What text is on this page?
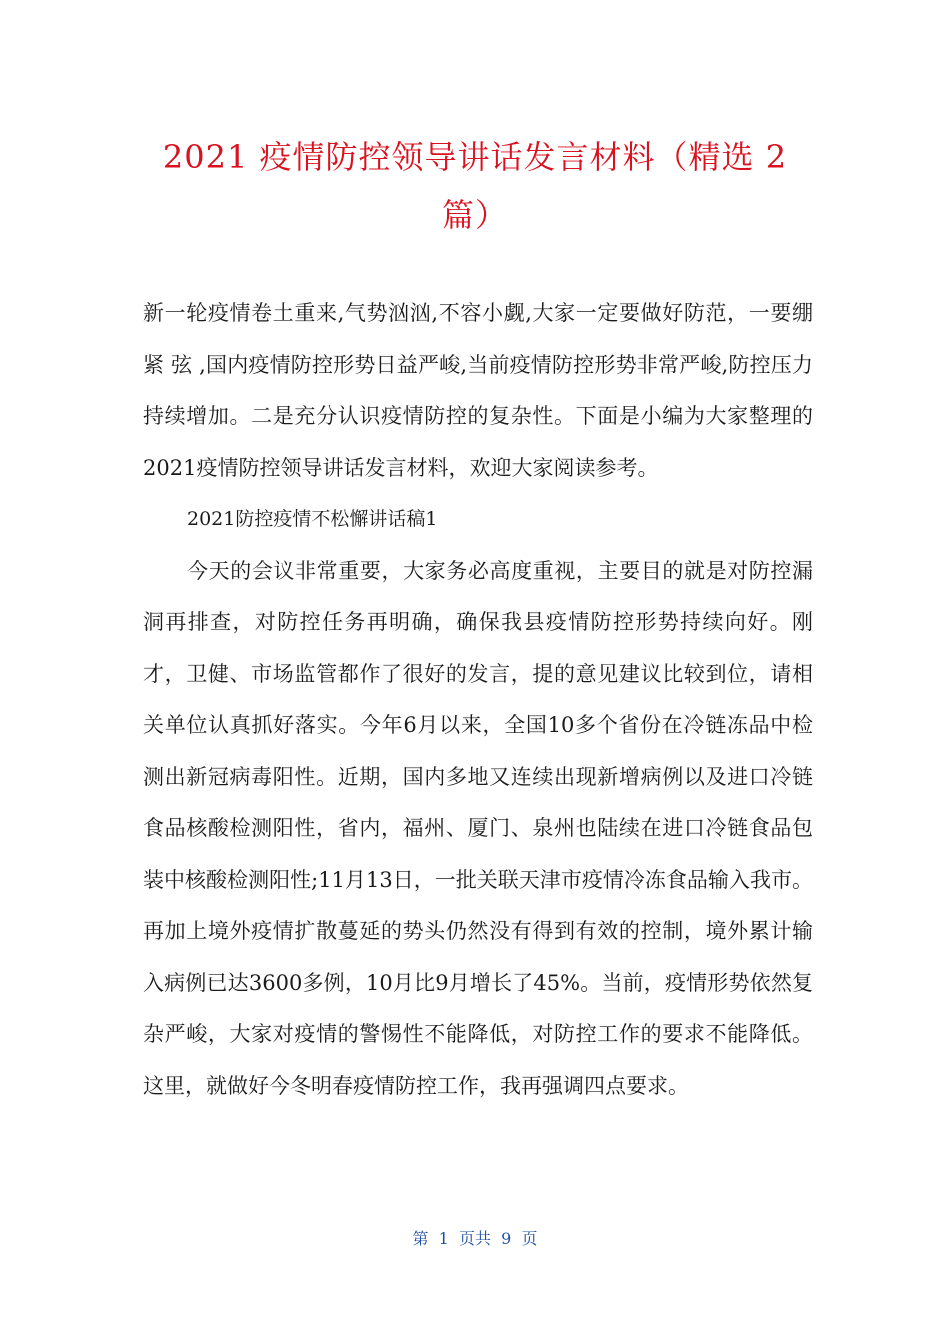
2021 疫情防控领导讲话发言材料（精选 2 篇）

新一轮疫情卷土重来,气势汹汹,不容小觑,大家一定要做好防范，一要绷紧 弦 ,国内疫情防控形势日益严峻,当前疫情防控形势非常严峻,防控压力持续增加。二是充分认识疫情防控的复杂性。下面是小编为大家整理的2021疫情防控领导讲话发言材料，欢迎大家阅读参考。

2021防控疫情不松懈讲话稿1

今天的会议非常重要，大家务必高度重视，主要目的就是对防控漏洞再排查，对防控任务再明确，确保我县疫情防控形势持续向好。刚才，卫健、市场监管都作了很好的发言，提的意见建议比较到位，请相关单位认真抓好落实。今年6月以来，全国10多个省份在冷链冻品中检测出新冠病毒阳性。近期，国内多地又连续出现新增病例以及进口冷链食品核酸检测阳性，省内，福州、厦门、泉州也陆续在进口冷链食品包装中核酸检测阳性;11月13日，一批关联天津市疫情冷冻食品输入我市。再加上境外疫情扩散蔓延的势头仍然没有得到有效的控制，境外累计输入病例已达3600多例，10月比9月增长了45%。当前，疫情形势依然复杂严峻，大家对疫情的警惕性不能降低，对防控工作的要求不能降低。这里，就做好今冬明春疫情防控工作，我再强调四点要求。

第  1  页共  9  页
